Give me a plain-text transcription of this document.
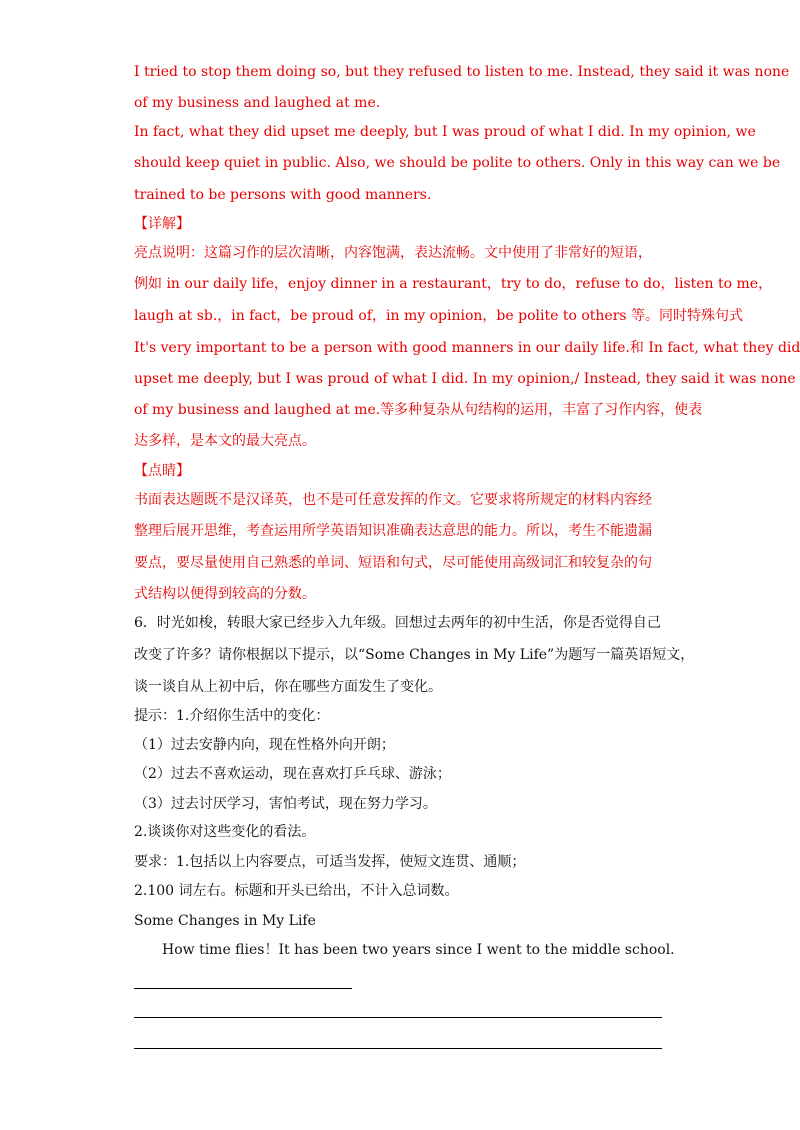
I tried to stop them doing so, but they refused to listen to me. Instead, they said it was none
of my business and laughed at me.
In fact, what they did upset me deeply, but I was proud of what I did. In my opinion, we
should keep quiet in public. Also, we should be polite to others. Only in this way can we be
trained to be persons with good manners.
【详解】
亮点说明：这篇习作的层次清晰，内容饱满，表达流畅。文中使用了非常好的短语，
例如 in our daily life，enjoy dinner in a restaurant，try to do，refuse to do，listen to me，
laugh at sb.，in fact，be proud of，in my opinion，be polite to others 等。同时特殊句式
It's very important to be a person with good manners in our daily life.和 In fact, what they did
upset me deeply, but I was proud of what I did. In my opinion,/ Instead, they said it was none
of my business and laughed at me.等多种复杂从句结构的运用，丰富了习作内容，使表
达多样，是本文的最大亮点。
【点睛】
书面表达题既不是汉译英，也不是可任意发挥的作文。它要求将所规定的材料内容经
整理后展开思维，考查运用所学英语知识准确表达意思的能力。所以，考生不能遗漏
要点，要尽量使用自己熟悉的单词、短语和句式，尽可能使用高级词汇和较复杂的句
式结构以便得到较高的分数。
6．时光如梭，转眼大家已经步入九年级。回想过去两年的初中生活，你是否觉得自己
改变了许多？请你根据以下提示，以“Some Changes in My Life”为题写一篇英语短文，
谈一谈自从上初中后，你在哪些方面发生了变化。
提示：1.介绍你生活中的变化：
（1）过去安静内向，现在性格外向开朗；
（2）过去不喜欢运动，现在喜欢打乒乓球、游泳；
（3）过去讨厌学习，害怕考试，现在努力学习。
2.谈谈你对这些变化的看法。
要求：1.包括以上内容要点，可适当发挥，使短文连贯、通顺；
2.100 词左右。标题和开头已给出，不计入总词数。
Some Changes in My Life
How time flies！It has been two years since I went to the middle school.
